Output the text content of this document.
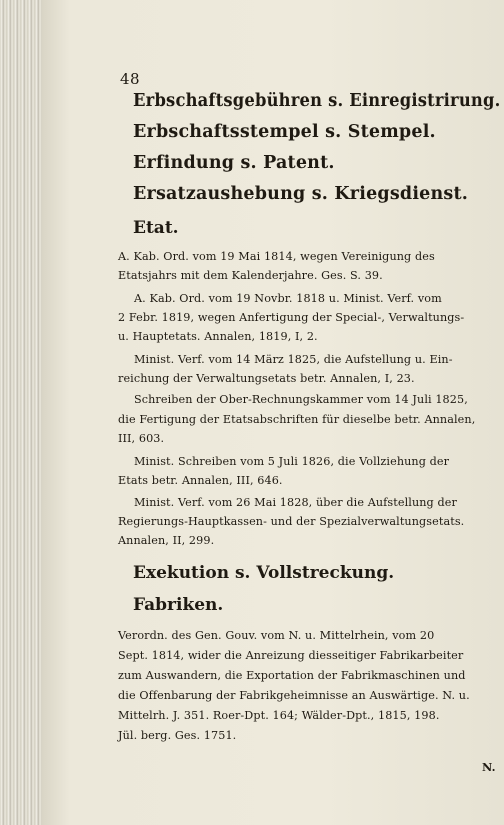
48
Erbschaftsgebühren s. Einregistrirung.
Erbschaftsstempel s. Stempel.
Erfindung s. Patent.
Ersatzaushebung s. Kriegsdienst.
Etat.
A. Kab. Ord. vom 19 Mai 1814, wegen Vereinigung des
Etatsjahrs mit dem Kalenderjahre. Ges. S. 39.
A. Kab. Ord. vom 19 Novbr. 1818 u. Minist. Verf. vom
2 Febr. 1819, wegen Anfertigung der Special-, Verwaltungs-
u. Hauptetats. Annalen, 1819, I, 2.
Minist. Verf. vom 14 März 1825, die Aufstellung u. Ein-
reichung der Verwaltungsetats betr. Annalen, I, 23.
Schreiben der Ober-Rechnungskammer vom 14 Juli 1825,
die Fertigung der Etatsabschriften für dieselbe betr. Annalen,
III, 603.
Minist. Schreiben vom 5 Juli 1826, die Vollziehung der
Etats betr. Annalen, III, 646.
Minist. Verf. vom 26 Mai 1828, über die Aufstellung der
Regierungs-Hauptkassen- und der Spezialverwaltungsetats.
Annalen, II, 299.
Exekution s. Vollstreckung.
Fabriken.
Verordn. des Gen. Gouv. vom N. u. Mittelrhein, vom 20
Sept. 1814, wider die Anreizung diesseitiger Fabrikarbeiter
zum Auswandern, die Exportation der Fabrikmaschinen und
die Offenbarung der Fabrikgeheimnisse an Auswärtige. N. u.
Mittelrh. J. 351. Roer-Dpt. 164; Wälder-Dpt., 1815, 198.
Jül. berg. Ges. 1751.
N.
